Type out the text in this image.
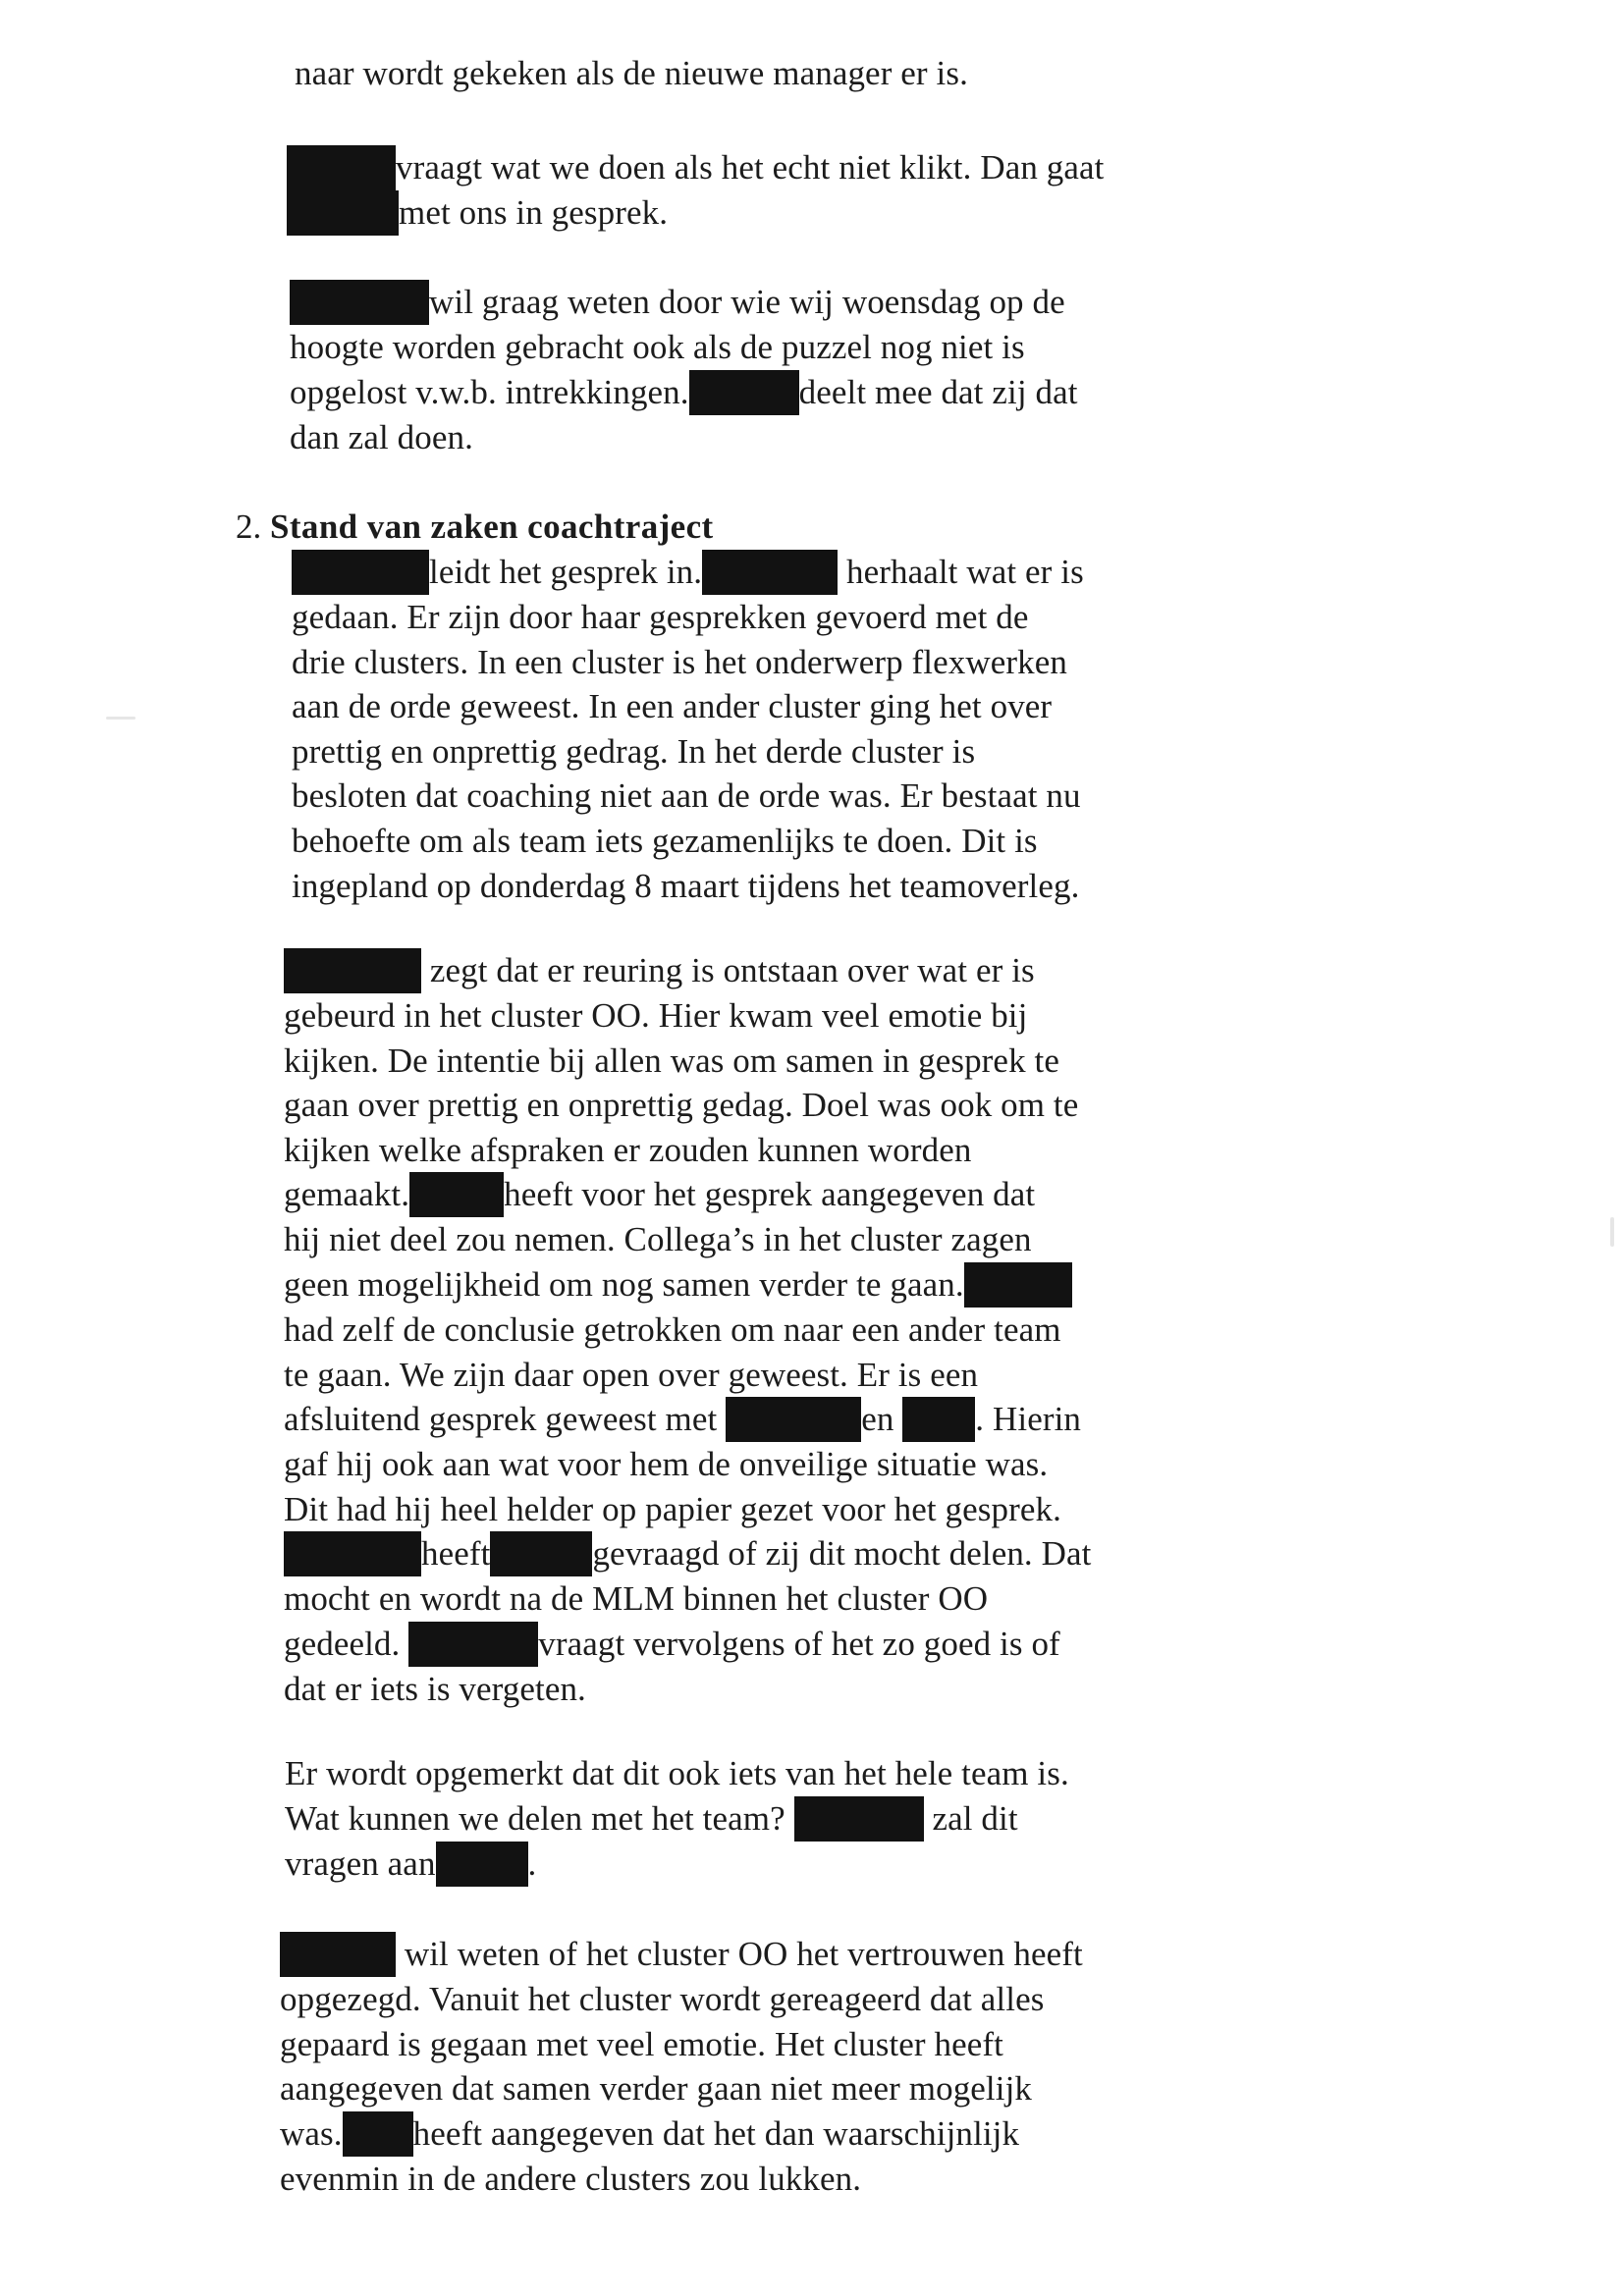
naar wordt gekeken als de nieuwe manager er is.
vraagt wat we doen als het echt niet klikt. Dan gaat
met ons in gesprek.
wil graag weten door wie wij woensdag op de
hoogte worden gebracht ook als de puzzel nog niet is
opgelost v.w.b. intrekkingen.	deelt mee dat zij dat
dan zal doen.
2. Stand van zaken coachtraject
leidt het gesprek in.	herhaalt wat er is
gedaan. Er zijn door haar gesprekken gevoerd met de
drie clusters. In een cluster is het onderwerp flexwerken
aan de orde geweest. In een ander cluster ging het over
prettig en onprettig gedrag. In het derde cluster is
besloten dat coaching niet aan de orde was. Er bestaat nu
behoefte om als team iets gezamenlijks te doen. Dit is
ingepland op donderdag 8 maart tijdens het teamoverleg.
zegt dat er reuring is ontstaan over wat er is
gebeurd in het cluster OO. Hier kwam veel emotie bij
kijken. De intentie bij allen was om samen in gesprek te
gaan over prettig en onprettig gedag. Doel was ook om te
kijken welke afspraken er zouden kunnen worden
gemaakt.	heeft voor het gesprek aangegeven dat
hij niet deel zou nemen. Collega’s in het cluster zagen
geen mogelijkheid om nog samen verder te gaan.
had zelf de conclusie getrokken om naar een ander team
te gaan. We zijn daar open over geweest. Er is een
afsluitend gesprek geweest met	en . Hierin
gaf hij ook aan wat voor hem de onveilige situatie was.
Dit had hij heel helder op papier gezet voor het gesprek.
heeft	gevraagd of zij dit mocht delen. Dat
mocht en wordt na de MLM binnen het cluster OO
gedeeld.	vraagt vervolgens of het zo goed is of
dat er iets is vergeten.
Er wordt opgemerkt dat dit ook iets van het hele team is.
Wat kunnen we delen met het team?	zal dit
vragen aan	.
wil weten of het cluster OO het vertrouwen heeft
opgezegd. Vanuit het cluster wordt gereageerd dat alles
gepaard is gegaan met veel emotie. Het cluster heeft
aangegeven dat samen verder gaan niet meer mogelijk
was. heeft aangegeven dat het dan waarschijnlijk
evenmin in de andere clusters zou lukken.
